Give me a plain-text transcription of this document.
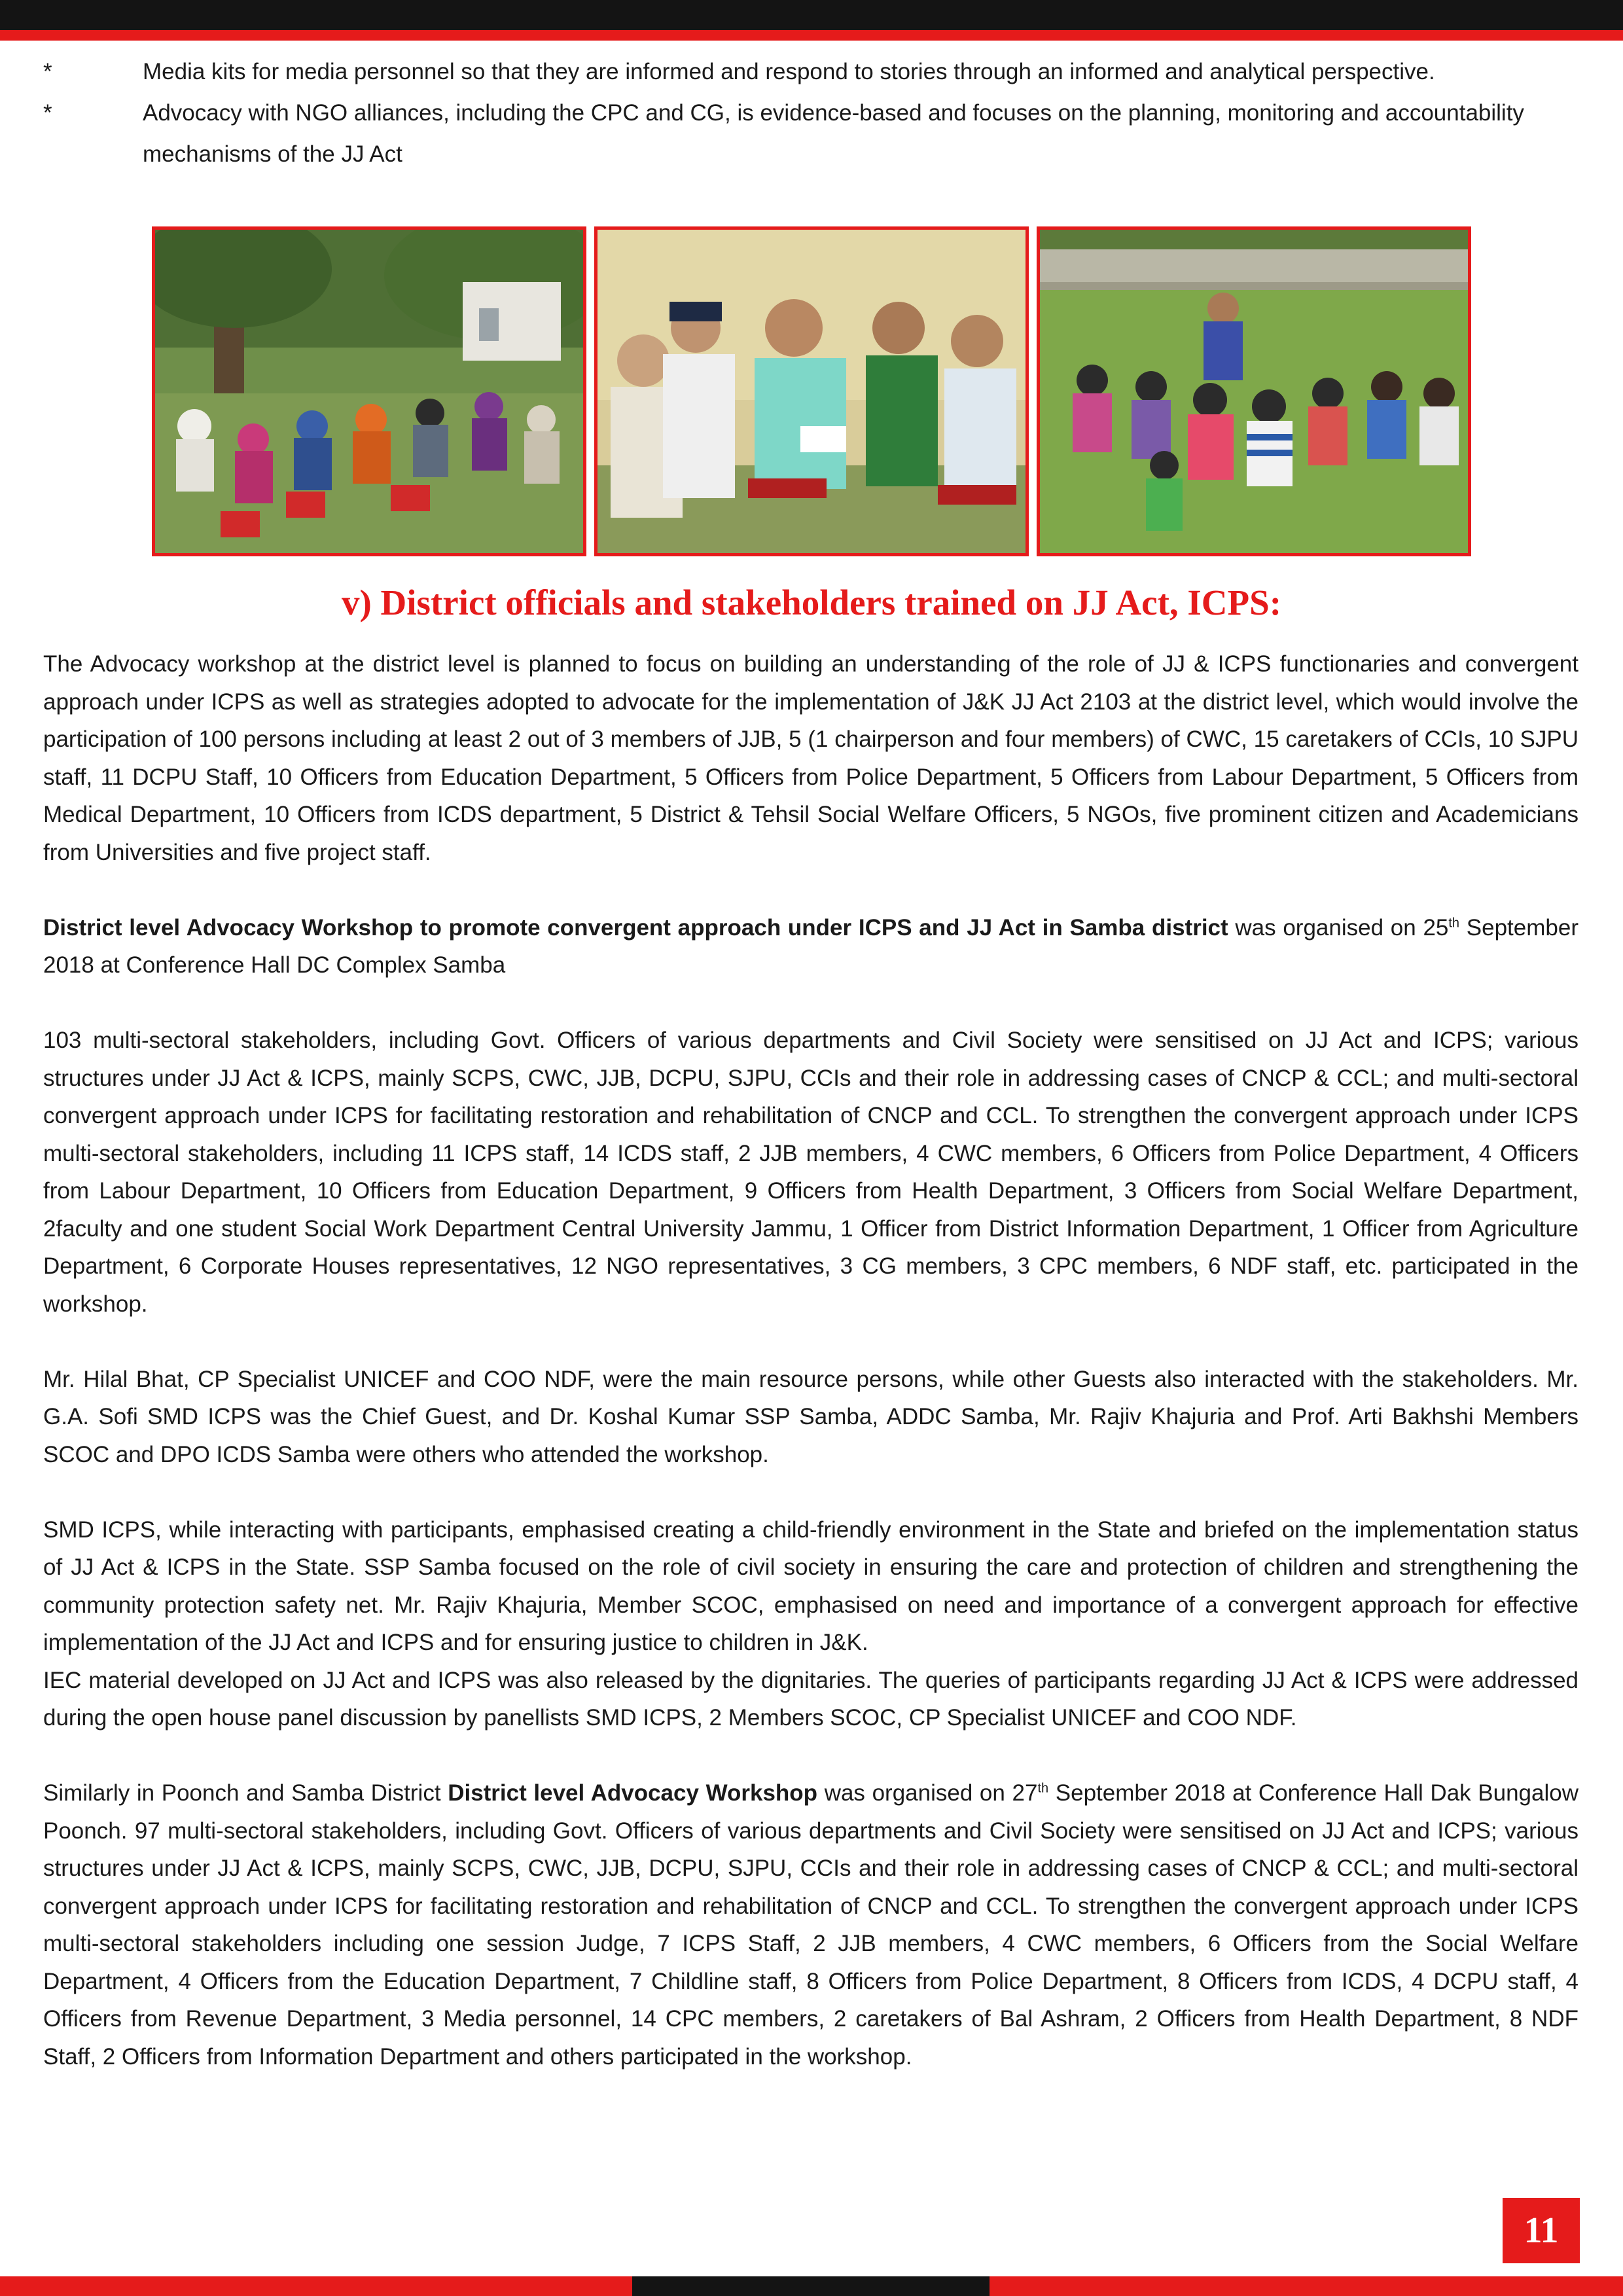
*	Media kits for media personnel so that they are informed and respond to stories through an informed and analytical perspective.
*	Advocacy with NGO alliances, including the CPC and CG, is evidence-based and focuses on the planning, monitoring and accountability mechanisms of the JJ Act
v) District officials and stakeholders trained on JJ Act, ICPS:

The Advocacy workshop at the district level is planned to focus on building an understanding of the role of JJ & ICPS functionaries and convergent approach under ICPS as well as strategies adopted to advocate for the implementation of J&K JJ Act 2103 at the district level, which would involve the participation of 100 persons including at least 2 out of 3 members of JJB, 5 (1 chairperson and four members) of CWC, 15 caretakers of CCIs, 10 SJPU staff, 11 DCPU Staff, 10 Officers from Education Department, 5 Officers from Police Department, 5 Officers from Labour Department, 5 Officers from Medical Department, 10 Officers from ICDS department, 5 District & Tehsil Social Welfare Officers, 5 NGOs, five prominent citizen and Academicians from Universities and five project staff.

District level Advocacy Workshop to promote convergent approach under ICPS and JJ Act in Samba district was organised on 25th September 2018 at Conference Hall DC Complex Samba

103 multi-sectoral stakeholders, including Govt. Officers of various departments and Civil Society were sensitised on JJ Act and ICPS; various structures under JJ Act & ICPS, mainly SCPS, CWC, JJB, DCPU, SJPU, CCIs and their role in addressing cases of CNCP & CCL; and multi-sectoral convergent approach under ICPS for facilitating restoration and rehabilitation of CNCP and CCL. To strengthen the convergent approach under ICPS multi-sectoral stakeholders, including 11 ICPS staff, 14 ICDS staff, 2 JJB members, 4 CWC members, 6 Officers from Police Department, 4 Officers from Labour Department, 10 Officers from Education Department, 9 Officers from Health Department, 3 Officers from Social Welfare Department, 2faculty and one student Social Work Department Central University Jammu, 1 Officer from District Information Department, 1 Officer from Agriculture Department, 6 Corporate Houses representatives, 12 NGO representatives, 3 CG members, 3 CPC members, 6 NDF staff, etc. participated in the workshop.

Mr. Hilal Bhat, CP Specialist UNICEF and COO NDF, were the main resource persons, while other Guests also interacted with the stakeholders. Mr. G.A. Sofi SMD ICPS was the Chief Guest, and Dr. Koshal Kumar SSP Samba, ADDC Samba, Mr. Rajiv Khajuria and Prof. Arti Bakhshi Members SCOC and DPO ICDS Samba were others who attended the workshop.

SMD ICPS, while interacting with participants, emphasised creating a child-friendly environment in the State and briefed on the implementation status of JJ Act & ICPS in the State. SSP Samba focused on the role of civil society in ensuring the care and protection of children and strengthening the community protection safety net. Mr. Rajiv Khajuria, Member SCOC, emphasised on need and importance of a convergent approach for effective implementation of the JJ Act and ICPS and for ensuring justice to children in J&K.

IEC material developed on JJ Act and ICPS was also released by the dignitaries. The queries of participants regarding JJ Act & ICPS were addressed during the open house panel discussion by panellists SMD ICPS, 2 Members SCOC, CP Specialist UNICEF and COO NDF.

Similarly in Poonch and Samba District District level Advocacy Workshop was organised on 27th September 2018 at Conference Hall Dak Bungalow Poonch. 97 multi-sectoral stakeholders, including Govt. Officers of various departments and Civil Society were sensitised on JJ Act and ICPS; various structures under JJ Act & ICPS, mainly SCPS, CWC, JJB, DCPU, SJPU, CCIs and their role in addressing cases of CNCP & CCL; and multi-sectoral convergent approach under ICPS for facilitating restoration and rehabilitation of CNCP and CCL. To strengthen the convergent approach under ICPS multi-sectoral stakeholders including one session Judge, 7 ICPS Staff, 2 JJB members, 4 CWC members, 6 Officers from the Social Welfare Department, 4 Officers from the Education Department, 7 Childline staff, 8 Officers from Police Department, 8 Officers from ICDS, 4 DCPU staff, 4 Officers from Revenue Department, 3 Media personnel, 14 CPC members, 2 caretakers of Bal Ashram, 2 Officers from Health Department, 8 NDF Staff, 2 Officers from Information Department and others participated in the workshop.

11
